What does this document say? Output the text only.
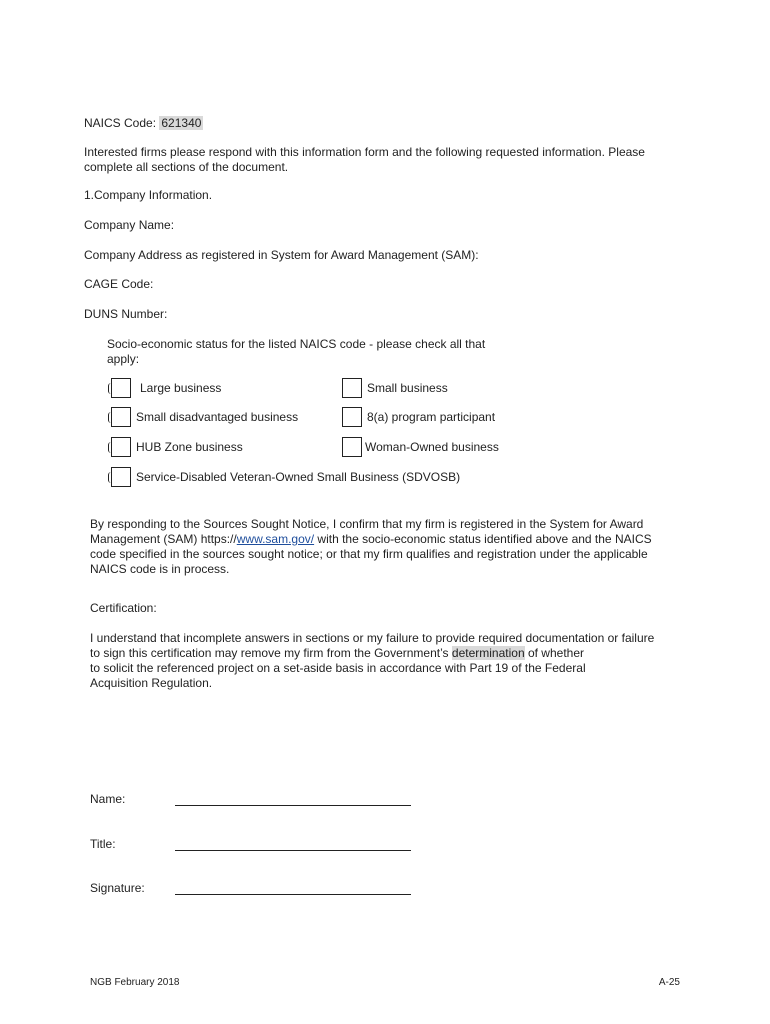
NAICS Code: 621340
Interested firms please respond with this information form and the following requested information. Please
complete all sections of the document.
1.Company Information.
Company Name:
Company Address as registered in System for Award Management (SAM):
CAGE Code:
DUNS Number:
Socio-economic status for the listed NAICS code - please check all that
apply:
Large business	Small business
Small disadvantaged business	8(a) program participant
HUB Zone business	Woman-Owned business
Service-Disabled Veteran-Owned Small Business (SDVOSB)
By responding to the Sources Sought Notice, I confirm that my firm is registered in the System for Award
Management (SAM) https://www.sam.gov/ with the socio-economic status identified above and the NAICS
code specified in the sources sought notice; or that my firm qualifies and registration under the applicable
NAICS code is in process.
Certification:
I understand that incomplete answers in sections or my failure to provide required documentation or failure
to sign this certification may remove my firm from the Government’s determination of whether
to solicit the referenced project on a set-aside basis in accordance with Part 19 of the Federal
Acquisition Regulation.
Name:
Title:
Signature:
NGB February 2018	A-25
